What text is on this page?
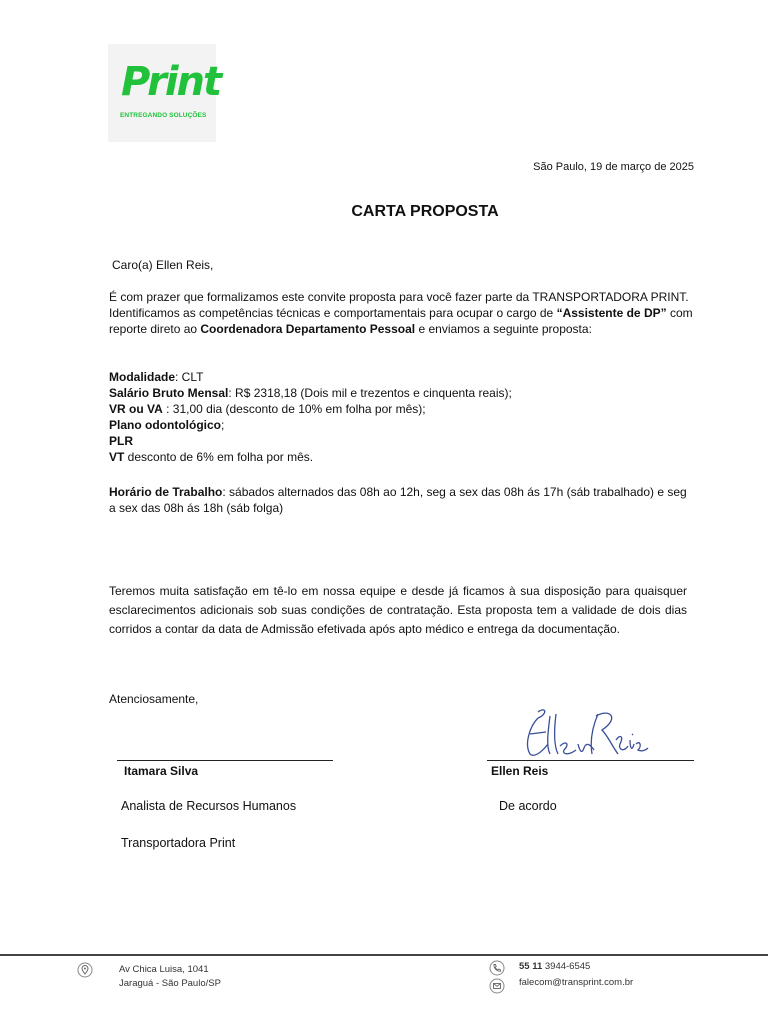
Print
ENTREGANDO SOLUÇÕES
São Paulo, 19 de março de 2025
CARTA PROPOSTA
Caro(a) Ellen Reis,
É com prazer que formalizamos este convite proposta para você fazer parte da TRANSPORTADORA PRINT. Identificamos as competências técnicas e comportamentais para ocupar o cargo de “Assistente de DP” com reporte direto ao Coordenadora Departamento Pessoal e enviamos a seguinte proposta:
Modalidade: CLT
Salário Bruto Mensal: R$ 2318,18 (Dois mil e trezentos e cinquenta reais);
VR ou VA : 31,00 dia (desconto de 10% em folha por mês);
Plano odontológico;
PLR
VT desconto de 6% em folha por mês.
Horário de Trabalho: sábados alternados das 08h ao 12h, seg a sex das 08h ás 17h (sáb trabalhado) e seg a sex das 08h ás 18h (sáb folga)
Teremos muita satisfação em tê-lo em nossa equipe e desde já ficamos à sua disposição para quaisquer esclarecimentos adicionais sob suas condições de contratação. Esta proposta tem a validade de dois dias corridos a contar da data de Admissão efetivada após apto médico e entrega da documentação.
Atenciosamente,
Itamara Silva
Analista de Recursos Humanos
Transportadora Print
Ellen Reis
De acordo
Av Chica Luisa, 1041
Jaraguá - São Paulo/SP
55 11 3944-6545
falecom@transprint.com.br
